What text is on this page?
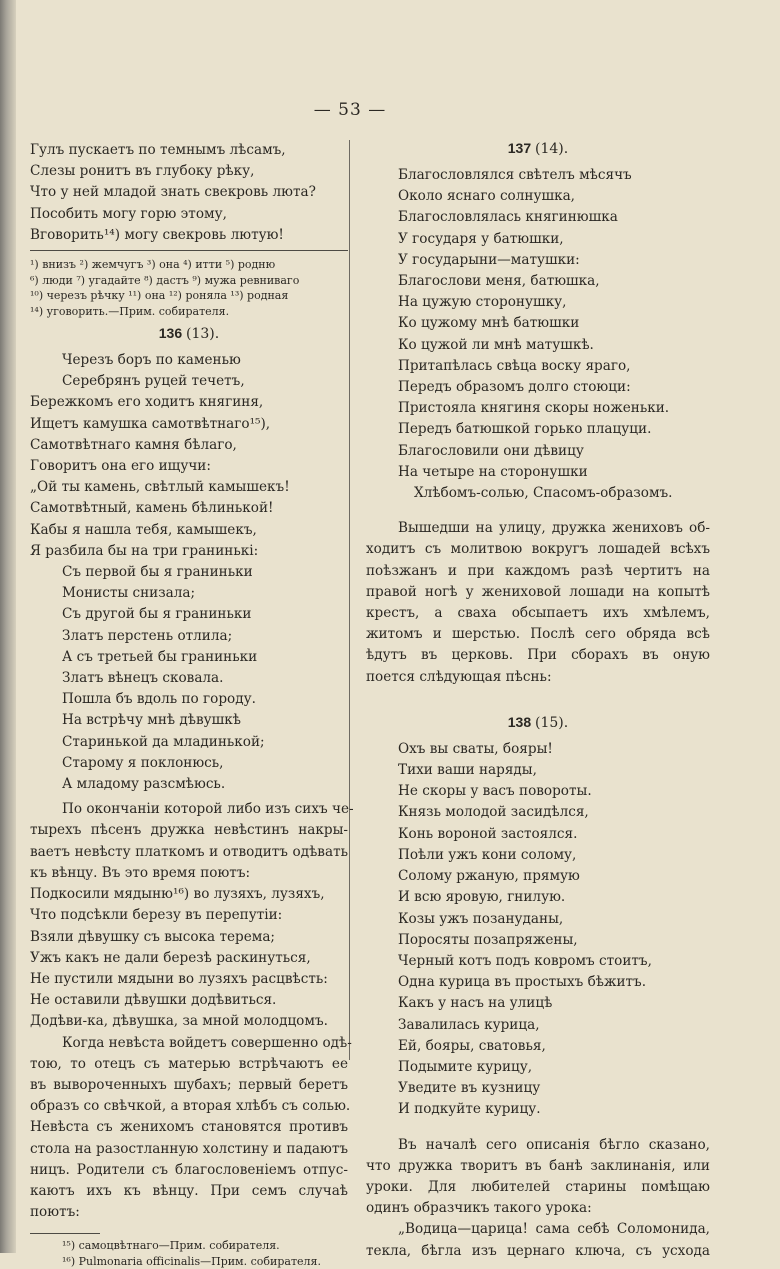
— 53 —
Гулъ пускаетъ по темнымъ лѣсамъ,
Слезы ронитъ въ глубоку рѣку,
Что у ней младой знать свекровь люта?
Пособить могу горю этому,
Вговорить¹⁴) могу свекровь лютую!
¹) внизъ ²) жемчугъ ³) она ⁴) итти ⁵) родню
⁶) люди ⁷) угадайте ⁸) дастъ ⁹) мужа ревниваго
¹⁰) черезъ рѣчку ¹¹) она ¹²) роняла ¹³) родная
¹⁴) уговорить.—Прим. собирателя.
136 (13).
Черезъ боръ по каменью
Серебрянъ руцей течетъ,
Бережкомъ его ходитъ княгиня,
Ищетъ камушка самотвѣтнаго¹⁵),
Самотвѣтнаго камня бѣлаго,
Говоритъ она его ищучи:
„Ой ты камень, свѣтлый камышекъ!
Самотвѣтный, камень бѣлинькой!
Кабы я нашла тебя, камышекъ,
Я разбила бы на три гранинькі:
Съ первой бы я граниньки
Монисты снизала;
Съ другой бы я граниньки
Златъ перстень отлила;
А съ третьей бы граниньки
Златъ вѣнецъ сковала.
Пошла бъ вдоль по городу.
На встрѣчу мнѣ дѣвушкѣ
Старинькой да младинькой;
Старому я поклонюсь,
А младому разсмѣюсь.
По окончаніи которой либо изъ сихъ че-
тырехъ пѣсенъ дружка невѣстинъ накры-
ваетъ невѣсту платкомъ и отводитъ одѣвать
къ вѣнцу. Въ это время поютъ:
Подкосили мядыню¹⁶) во лузяхъ, лузяхъ,
Что подсѣкли березу въ перепутіи:
Взяли дѣвушку съ высока терема;
Ужъ какъ не дали березѣ раскинуться,
Не пустили мядыни во лузяхъ расцвѣсть:
Не оставили дѣвушки додѣвиться.
Додѣви-ка, дѣвушка, за мной молодцомъ.
Когда невѣста войдетъ совершенно одѣ-
тою, то отецъ съ матерью встрѣчаютъ ее
въ вывороченныхъ шубахъ; первый беретъ
образъ со свѣчкой, а вторая хлѣбъ съ солью.
Невѣста съ женихомъ становятся противъ
стола на разостланную холстину и падаютъ
ницъ. Родители съ благословеніемъ отпус-
каютъ ихъ къ вѣнцу. При семъ случаѣ
поютъ:
¹⁵) самоцвѣтнаго—Прим. собирателя.
¹⁶) Pulmonaria officinalis—Прим. собирателя.
137 (14).
Благословлялся свѣтелъ мѣсячъ
Около яснаго солнушка,
Благословлялась княгинюшка
У государя у батюшки,
У государыни—матушки:
Благослови меня, батюшка,
На цужую сторонушку,
Ко цужому мнѣ батюшки
Ко цужой ли мнѣ матушкѣ.
Притапѣлась свѣца воску яраго,
Передъ образомъ долго стоюци:
Пристояла княгиня скоры ноженьки.
Передъ батюшкой горько плацуци.
Благословили они дѣвицу
На четыре на сторонушки
Хлѣбомъ-солью, Спасомъ-образомъ.
Вышедши на улицу, дружка жениховъ об-
ходитъ съ молитвою вокругъ лошадей всѣхъ
поѣзжанъ и при каждомъ разѣ чертитъ на
правой ногѣ у жениховой лошади на копытѣ
крестъ, а сваха обсыпаетъ ихъ хмѣлемъ,
житомъ и шерстью. Послѣ сего обряда всѣ
ѣдутъ въ церковь. При сборахъ въ оную
поется слѣдующая пѣснь:
138 (15).
Охъ вы сваты, бояры!
Тихи ваши наряды,
Не скоры у васъ повороты.
Князь молодой засидѣлся,
Конь вороной застоялся.
Поѣли ужъ кони солому,
Солому ржаную, прямую
И всю яровую, гнилую.
Козы ужъ позануданы,
Поросяты позапряжены,
Черный котъ подъ ковромъ стоитъ,
Одна курица въ простыхъ бѣжитъ.
Какъ у насъ на улицѣ
Завалилась курица,
Ей, бояры, сватовья,
Подымите курицу,
Уведите въ кузницу
И подкуйте курицу.
Въ началѣ сего описанія бѣгло сказано,
что дружка творитъ въ банѣ заклинанія, или
уроки. Для любителей старины помѣщаю
одинъ образчикъ такого урока:
„Водица—царица! сама себѣ Соломонида,
текла, бѣгла изъ цернаго ключа, съ усхода
